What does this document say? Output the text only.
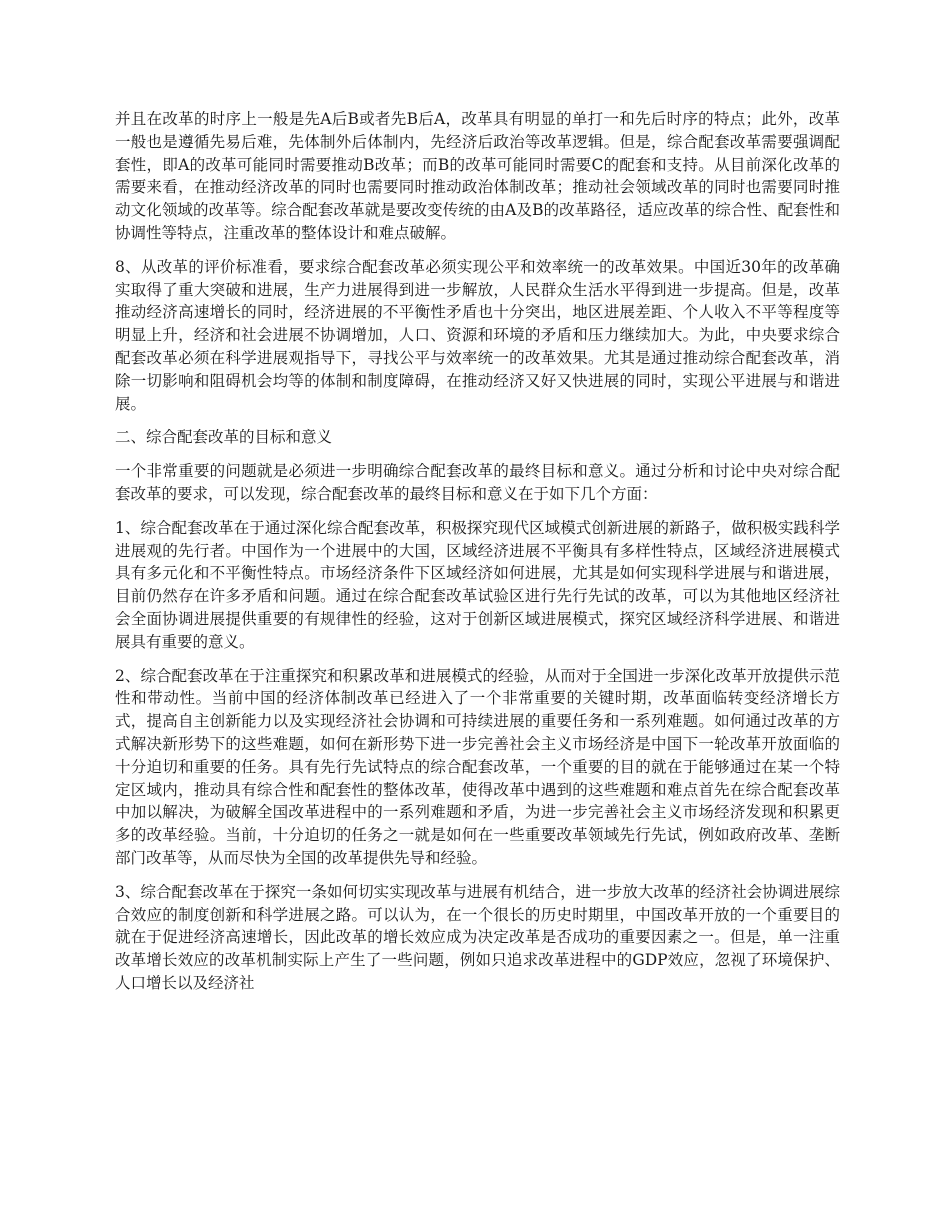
并且在改革的时序上一般是先A后B或者先B后A，改革具有明显的单打一和先后时序的特点；此外，改革一般也是遵循先易后难，先体制外后体制内，先经济后政治等改革逻辑。但是，综合配套改革需要强调配套性，即A的改革可能同时需要推动B改革；而B的改革可能同时需要C的配套和支持。从目前深化改革的需要来看，在推动经济改革的同时也需要同时推动政治体制改革；推动社会领域改革的同时也需要同时推动文化领域的改革等。综合配套改革就是要改变传统的由A及B的改革路径，适应改革的综合性、配套性和协调性等特点，注重改革的整体设计和难点破解。

8、从改革的评价标准看，要求综合配套改革必须实现公平和效率统一的改革效果。中国近30年的改革确实取得了重大突破和进展，生产力进展得到进一步解放，人民群众生活水平得到进一步提高。但是，改革推动经济高速增长的同时，经济进展的不平衡性矛盾也十分突出，地区进展差距、个人收入不平等程度等明显上升，经济和社会进展不协调增加，人口、资源和环境的矛盾和压力继续加大。为此，中央要求综合配套改革必须在科学进展观指导下，寻找公平与效率统一的改革效果。尤其是通过推动综合配套改革，消除一切影响和阻碍机会均等的体制和制度障碍，在推动经济又好又快进展的同时，实现公平进展与和谐进展。

二、综合配套改革的目标和意义

一个非常重要的问题就是必须进一步明确综合配套改革的最终目标和意义。通过分析和讨论中央对综合配套改革的要求，可以发现，综合配套改革的最终目标和意义在于如下几个方面：

1、综合配套改革在于通过深化综合配套改革，积极探究现代区域模式创新进展的新路子，做积极实践科学进展观的先行者。中国作为一个进展中的大国，区域经济进展不平衡具有多样性特点，区域经济进展模式具有多元化和不平衡性特点。市场经济条件下区域经济如何进展，尤其是如何实现科学进展与和谐进展，目前仍然存在许多矛盾和问题。通过在综合配套改革试验区进行先行先试的改革，可以为其他地区经济社会全面协调进展提供重要的有规律性的经验，这对于创新区域进展模式，探究区域经济科学进展、和谐进展具有重要的意义。

2、综合配套改革在于注重探究和积累改革和进展模式的经验，从而对于全国进一步深化改革开放提供示范性和带动性。当前中国的经济体制改革已经进入了一个非常重要的关键时期，改革面临转变经济增长方式，提高自主创新能力以及实现经济社会协调和可持续进展的重要任务和一系列难题。如何通过改革的方式解决新形势下的这些难题，如何在新形势下进一步完善社会主义市场经济是中国下一轮改革开放面临的十分迫切和重要的任务。具有先行先试特点的综合配套改革，一个重要的目的就在于能够通过在某一个特定区域内，推动具有综合性和配套性的整体改革，使得改革中遇到的这些难题和难点首先在综合配套改革中加以解决，为破解全国改革进程中的一系列难题和矛盾，为进一步完善社会主义市场经济发现和积累更多的改革经验。当前，十分迫切的任务之一就是如何在一些重要改革领域先行先试，例如政府改革、垄断部门改革等，从而尽快为全国的改革提供先导和经验。

3、综合配套改革在于探究一条如何切实实现改革与进展有机结合，进一步放大改革的经济社会协调进展综合效应的制度创新和科学进展之路。可以认为，在一个很长的历史时期里，中国改革开放的一个重要目的就在于促进经济高速增长，因此改革的增长效应成为决定改革是否成功的重要因素之一。但是，单一注重改革增长效应的改革机制实际上产生了一些问题，例如只追求改革进程中的GDP效应，忽视了环境保护、人口增长以及经济社
